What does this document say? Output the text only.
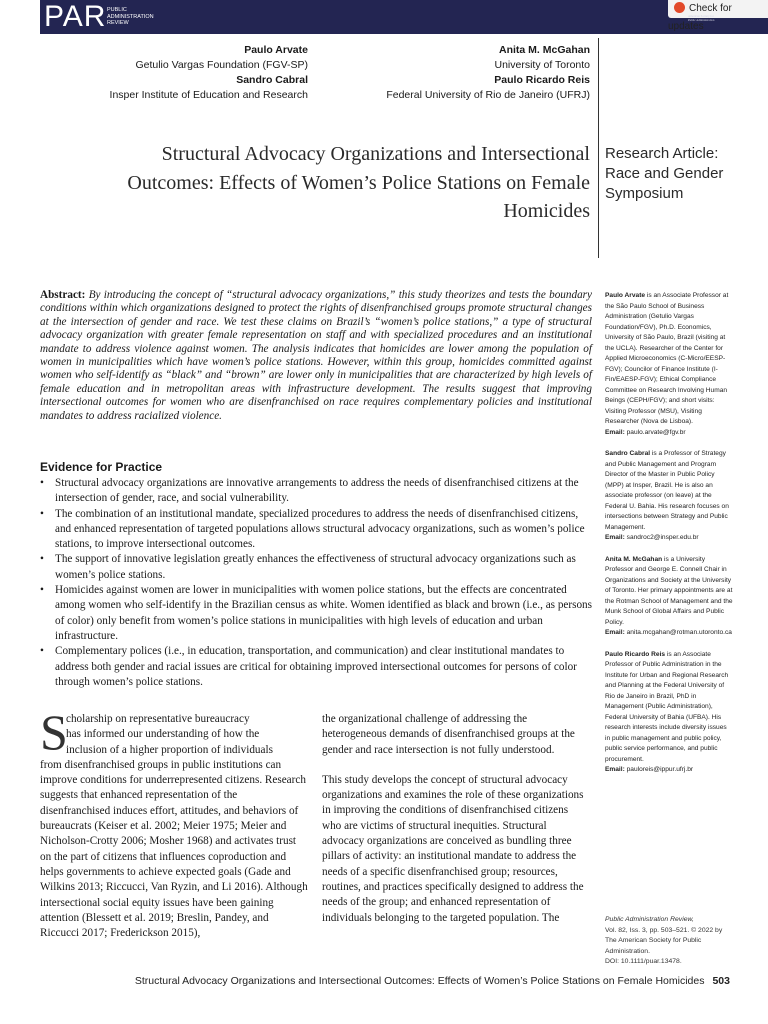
PAR PUBLIC ADMINISTRATION REVIEW
Check for updates
American Society for Public Administration
Paulo Arvate
Getulio Vargas Foundation (FGV-SP)
Sandro Cabral
Insper Institute of Education and Research
Anita M. McGahan
University of Toronto
Paulo Ricardo Reis
Federal University of Rio de Janeiro (UFRJ)
Structural Advocacy Organizations and Intersectional Outcomes: Effects of Women’s Police Stations on Female Homicides
Research Article: Race and Gender Symposium
Abstract: By introducing the concept of “structural advocacy organizations,” this study theorizes and tests the boundary conditions within which organizations designed to protect the rights of disenfranchised groups promote structural changes at the intersection of gender and race. We test these claims on Brazil’s “women’s police stations,” a type of structural advocacy organization with greater female representation on staff and with specialized procedures and an institutional mandate to address violence against women. The analysis indicates that homicides are lower among the population of women in municipalities which have women’s police stations. However, within this group, homicides committed against women who self-identify as “black” and “brown” are lower only in municipalities that are characterized by high levels of female education and in metropolitan areas with infrastructure development. The results suggest that improving intersectional outcomes for women who are disenfranchised on race requires complementary policies and institutional mandates to address racialized violence.
Evidence for Practice
• Structural advocacy organizations are innovative arrangements to address the needs of disenfranchised citizens at the intersection of gender, race, and social vulnerability.
• The combination of an institutional mandate, specialized procedures to address the needs of disenfranchised citizens, and enhanced representation of targeted populations allows structural advocacy organizations, such as women’s police stations, to improve intersectional outcomes.
• The support of innovative legislation greatly enhances the effectiveness of structural advocacy organizations such as women’s police stations.
• Homicides against women are lower in municipalities with women police stations, but the effects are concentrated among women who self-identify in the Brazilian census as white. Women identified as black and brown (i.e., as persons of color) only benefit from women’s police stations in municipalities with high levels of education and urban infrastructure.
• Complementary polices (i.e., in education, transportation, and communication) and clear institutional mandates to address both gender and racial issues are critical for obtaining improved intersectional outcomes for persons of color through women’s police stations.
S
cholarship on representative bureaucracy
has informed our understanding of how the
inclusion of a higher proportion of individuals
from disenfranchised groups in public institutions can improve conditions for underrepresented citizens. Research suggests that enhanced representation of the disenfranchised induces effort, attitudes, and behaviors of bureaucrats (Keiser et al. 2002; Meier 1975; Meier and Nicholson-Crotty 2006; Mosher 1968) and activates trust on the part of citizens that influences coproduction and helps governments to achieve expected goals (Gade and Wilkins 2013; Riccucci, Van Ryzin, and Li 2016). Although intersectional social equity issues have been gaining attention (Blessett et al. 2019; Breslin, Pandey, and Riccucci 2017; Frederickson 2015),
the organizational challenge of addressing the heterogeneous demands of disenfranchised groups at the gender and race intersection is not fully understood.
This study develops the concept of structural advocacy organizations and examines the role of these organizations in improving the conditions of disenfranchised citizens who are victims of structural inequities. Structural advocacy organizations are conceived as bundling three pillars of activity: an institutional mandate to address the needs of a specific disenfranchised group; resources, routines, and practices specifically designed to address the needs of the group; and enhanced representation of individuals belonging to the targeted population. The
Paulo Arvate is an Associate Professor at the São Paulo School of Business Administration (Getulio Vargas Foundation/FGV), Ph.D. Economics, University of São Paulo, Brazil (visiting at the UCLA). Researcher of the Center for Applied Microeconomics (C-Micro/EESP-FGV); Councilor of Finance Institute (I-Fin/EAESP-FGV); Ethical Compliance Committee on Research Involving Human Beings (CEPH/FGV); and short visits: Visiting Professor (MSU), Visiting Researcher (Nova de Lisboa).
Email: paulo.arvate@fgv.br
Sandro Cabral is a Professor of Strategy and Public Management and Program Director of the Master in Public Policy (MPP) at Insper, Brazil. He is also an associate professor (on leave) at the Federal U. Bahia. His research focuses on intersections between Strategy and Public Management.
Email: sandroc2@insper.edu.br
Anita M. McGahan is a University Professor and George E. Connell Chair in Organizations and Society at the University of Toronto. Her primary appointments are at the Rotman School of Management and the Munk School of Global Affairs and Public Policy.
Email: anita.mcgahan@rotman.utoronto.ca
Paulo Ricardo Reis is an Associate Professor of Public Administration in the Institute for Urban and Regional Research and Planning at the Federal University of Rio de Janeiro in Brazil, PhD in Management (Public Administration), Federal University of Bahia (UFBA). His research interests include diversity issues in public management and public policy, public service performance, and public procurement.
Email: pauloreis@ippur.ufrj.br
Public Administration Review,
Vol. 82, Iss. 3, pp. 503–521. © 2022 by
The American Society for Public Administration.
DOI: 10.1111/puar.13478.
Structural Advocacy Organizations and Intersectional Outcomes: Effects of Women’s Police Stations on Female Homicides 503
